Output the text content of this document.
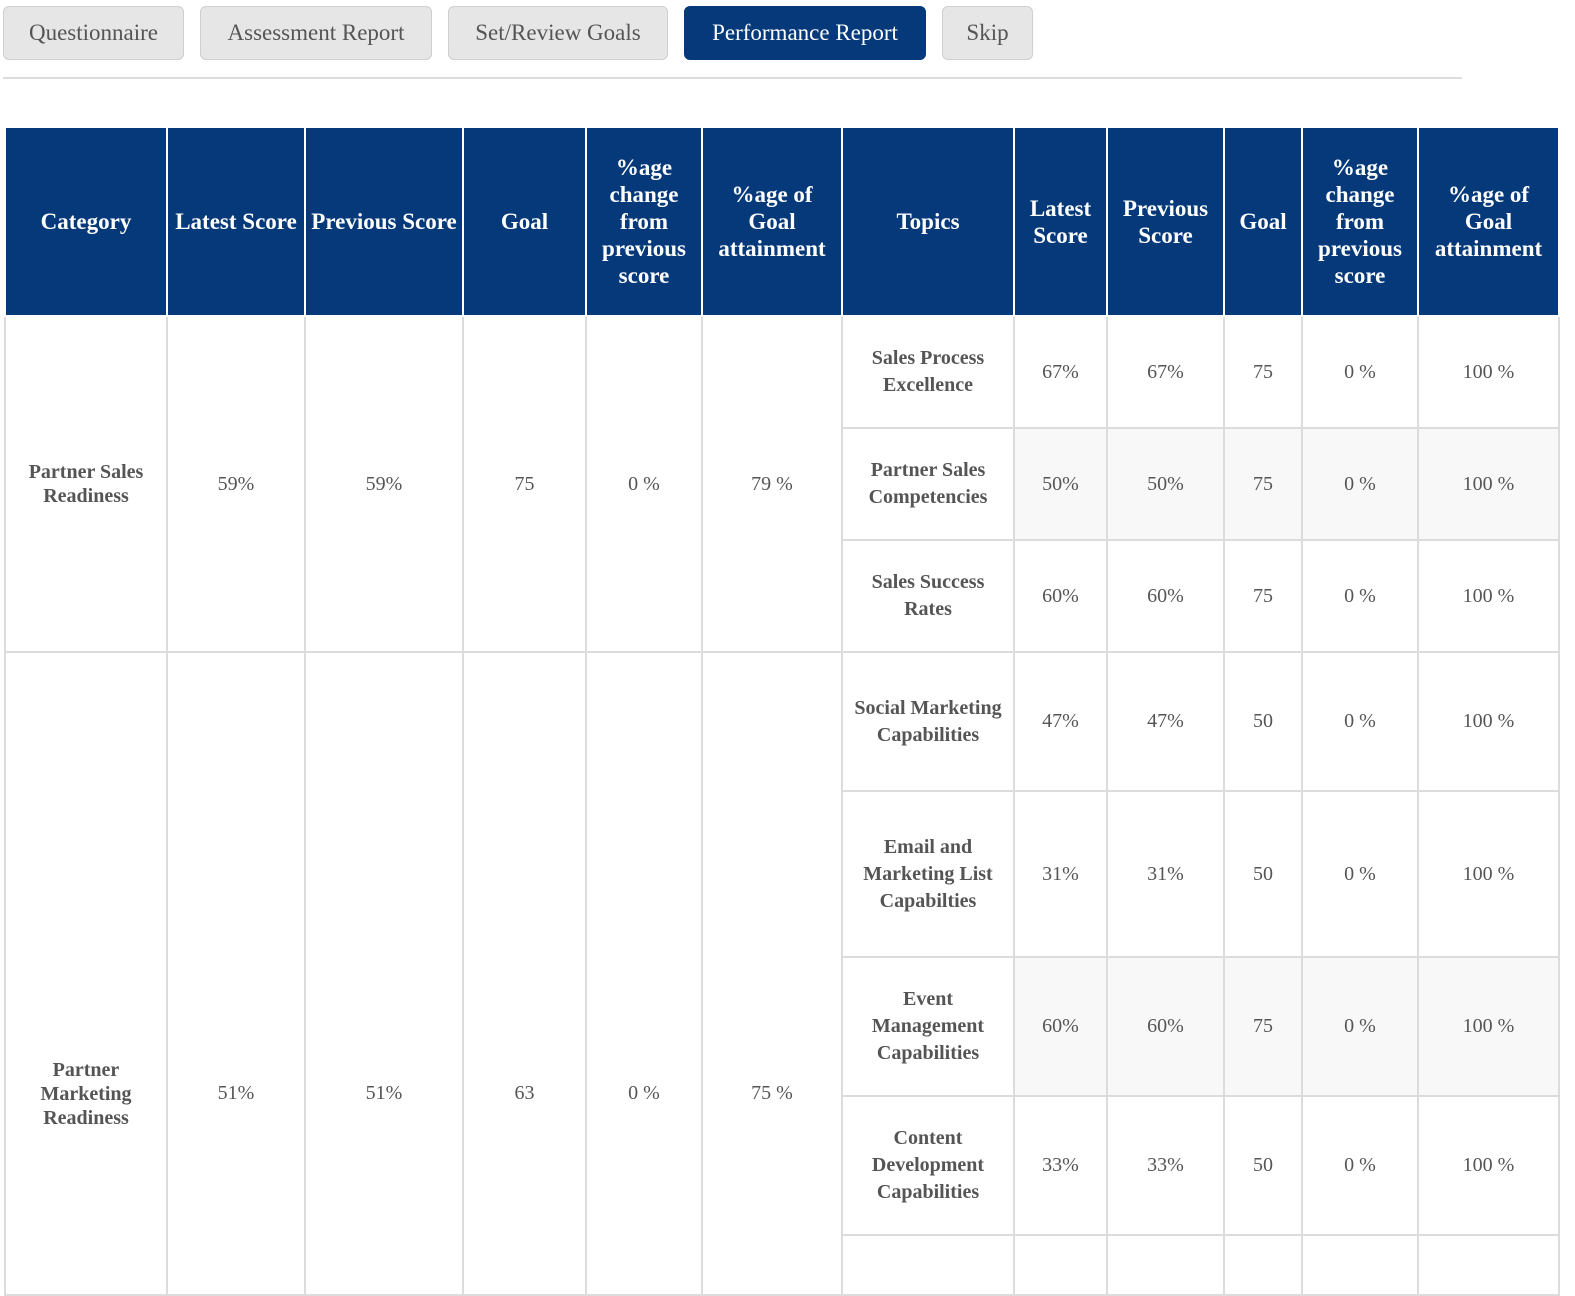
Questionnaire	Assessment Report	Set/Review Goals	Performance Report	Skip
Category	Latest Score	Previous Score	Goal	%age change from previous score	%age of Goal attainment	Topics	Latest Score	Previous Score	Goal	%age change from previous score	%age of Goal attainment
Partner Sales Readiness	59%	59%	75	0 %	79 %	Sales Process Excellence	67%	67%	75	0 %	100 %
						Partner Sales Competencies	50%	50%	75	0 %	100 %
						Sales Success Rates	60%	60%	75	0 %	100 %
Partner Marketing Readiness	51%	51%	63	0 %	75 %	Social Marketing Capabilities	47%	47%	50	0 %	100 %
						Email and Marketing List Capabilties	31%	31%	50	0 %	100 %
						Event Management Capabilities	60%	60%	75	0 %	100 %
						Content Development Capabilities	33%	33%	50	0 %	100 %
